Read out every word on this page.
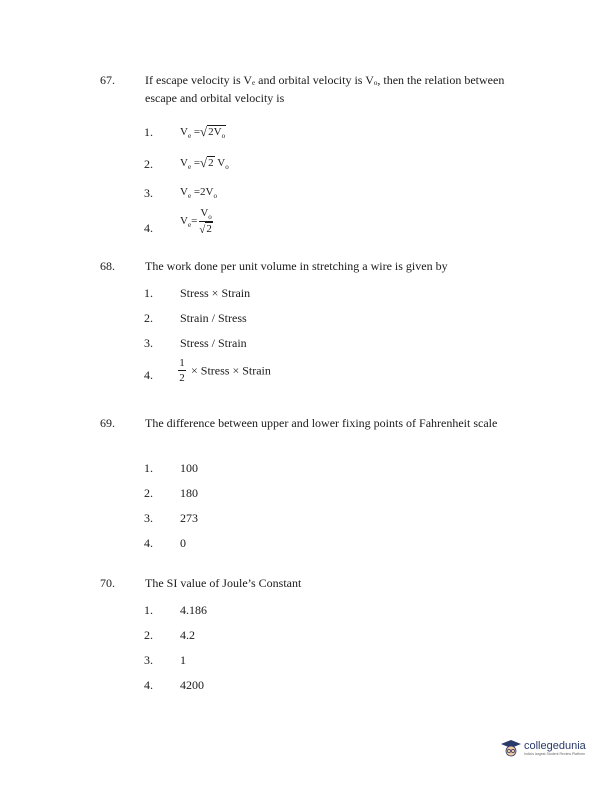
67.	If escape velocity is Vₑ and orbital velocity is Vₒ, then the relation between escape and orbital velocity is
1. $V_e =√2V_o$
2. $V_e =√2$ $V_o$
3. $V_e =2V_o$
4.
$V_e= \frac{V_o}{√2}$
68.	The work done per unit volume in stretching a wire is given by
1. Stress × Strain
2. Strain / Stress
3. Stress / Strain
4. $\frac{1}{2}$ × Stress × Strain
69.	The difference between upper and lower fixing points of Fahrenheit scale
1. 100
2. 180
3. 273
4. 0
70.	The SI value of Joule’s Constant
1. 4.186
2. 4.2
3. 1
4. 4200
collegedunia
India's largest Student Review Platform
